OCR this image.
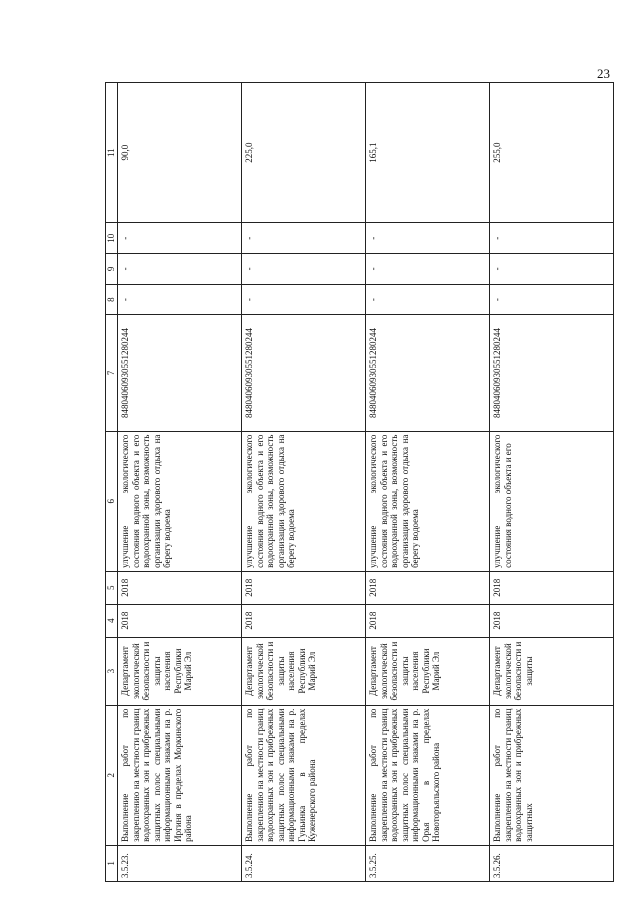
23
1	2	3	4	5	6	7	8	9	10	11
3.5.23.	Выполнение работ по закреплению на местности границ водоохранных зон и прибрежных защитных полос специальными информационными знаками на р. Иргиня в пределах Моркинского района	Департамент экологической безопасности и защиты населения Республики Марий Эл	2018	2018	улучшение экологического состояния водного объекта и его водоохранной зоны, возможность организации здорового отдыха на берегу водоема	84804060930551280244	-	-	-	90,0
3.5.24.	Выполнение работ по закреплению на местности границ водоохранных зон и прибрежных защитных полос специальными информационными знаками на р. Гуньинка в пределах Куженерского района	Департамент экологической безопасности и защиты населения Республики Марий Эл	2018	2018	улучшение экологического состояния водного объекта и его водоохранной зоны, возможность организации здорового отдыха на берегу водоема	84804060930551280244	-	-	-	225,0
3.5.25.	Выполнение работ по закреплению на местности границ водоохранных зон и прибрежных защитных полос специальными информационными знаками на р. Орья в пределах Новоторъяльского района	Департамент экологической безопасности и защиты населения Республики Марий Эл	2018	2018	улучшение экологического состояния водного объекта и его водоохранной зоны, возможность организации здорового отдыха на берегу водоема	84804060930551280244	-	-	-	165,1
3.5.26.	Выполнение работ по закреплению на местности границ водоохранных зон и прибрежных защитных	Департамент экологической безопасности и защиты	2018	2018	улучшение экологического состояния водного объекта и его	84804060930551280244	-	-	-	255,0
